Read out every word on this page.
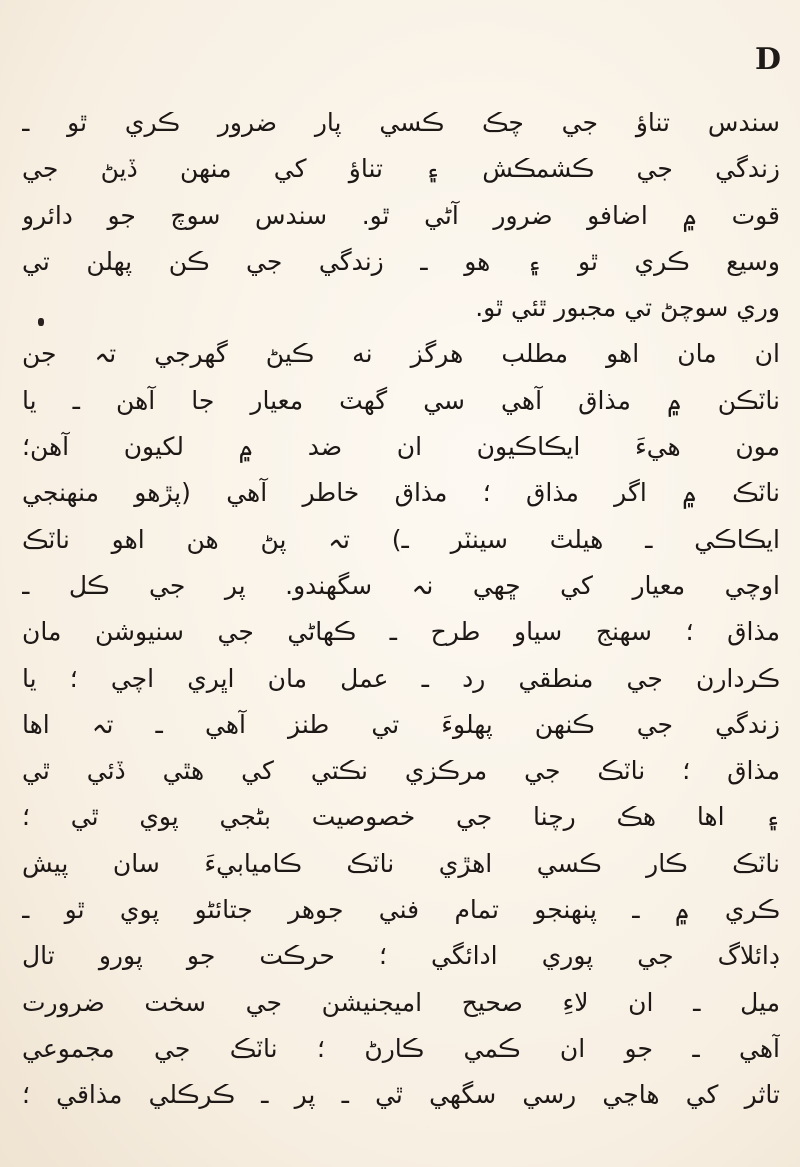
D
سندس تناؤ جي چڪ ڪسي پار ضرور ڪري ٿو ـ
زندگي جي ڪشمڪش ۽ تناؤ کي منهن ڏيڻ جي
قوت ۾ اضافو ضرور آڻي ٿو. سندس سوچ جو دائرو
وسيع ڪري ٿو ۽ هو ـ زندگي جي ڪن پهلن تي
وري سوچڻ تي مجبور ٿئي ٿو.
ان مان اهو مطلب هرگز نه ڪيڻ گهرجي تہ جن
ناٽڪن ۾ مذاق آهي سي گهٽ معيار جا آهن ـ يا
مون هيءَ ايڪاڪيون ان ضد ۾ لکيون آهن؛
ناٽڪ ۾ اگر مذاق ؛ مذاق خاطر آهي (پڙهو منهنجي
ايڪاڪي ـ هيلٿ سينٽر ـ) تہ پڻ هن اهو ناٽڪ
اوچي معيار کي ڇهي نہ سگهندو. پر جي ڪل ـ
مذاق ؛ سهنج سياو طرح ـ ڪهاڻي جي سنيوشن مان
ڪردارن جي منطقي رد ـ عمل مان اڀري اچي ؛ يا
زندگي جي ڪنهن پهلوءَ تي طنز آهي ـ تہ اها
مذاق ؛ ناٽڪ جي مرڪزي نڪتي کي هٿي ڏئي ٿي
۽ اها هڪ رچنا جي خصوصيت بڻجي پوي ٿي ؛
ناٽڪ ڪار ڪسي اهڙي ناٽڪ ڪاميابيءَ سان پيش
ڪري ۾ ـ پنهنجو تمام فني جوهر جتائڻو پوي ٿو ـ
ڊائلاگ جي پوري ادائگي ؛ حرڪت جو پورو تال
ميل ـ ان لاءِ صحيح اميجنيشن جي سخت ضرورت
آهي ـ جو ان ڪمي ڪارڻ ؛ ناٽڪ جي مجموعي
تاثر کي هاڃي رسي سگهي ٿي ـ پر ـ ڪرڪلي مذاقي ؛
